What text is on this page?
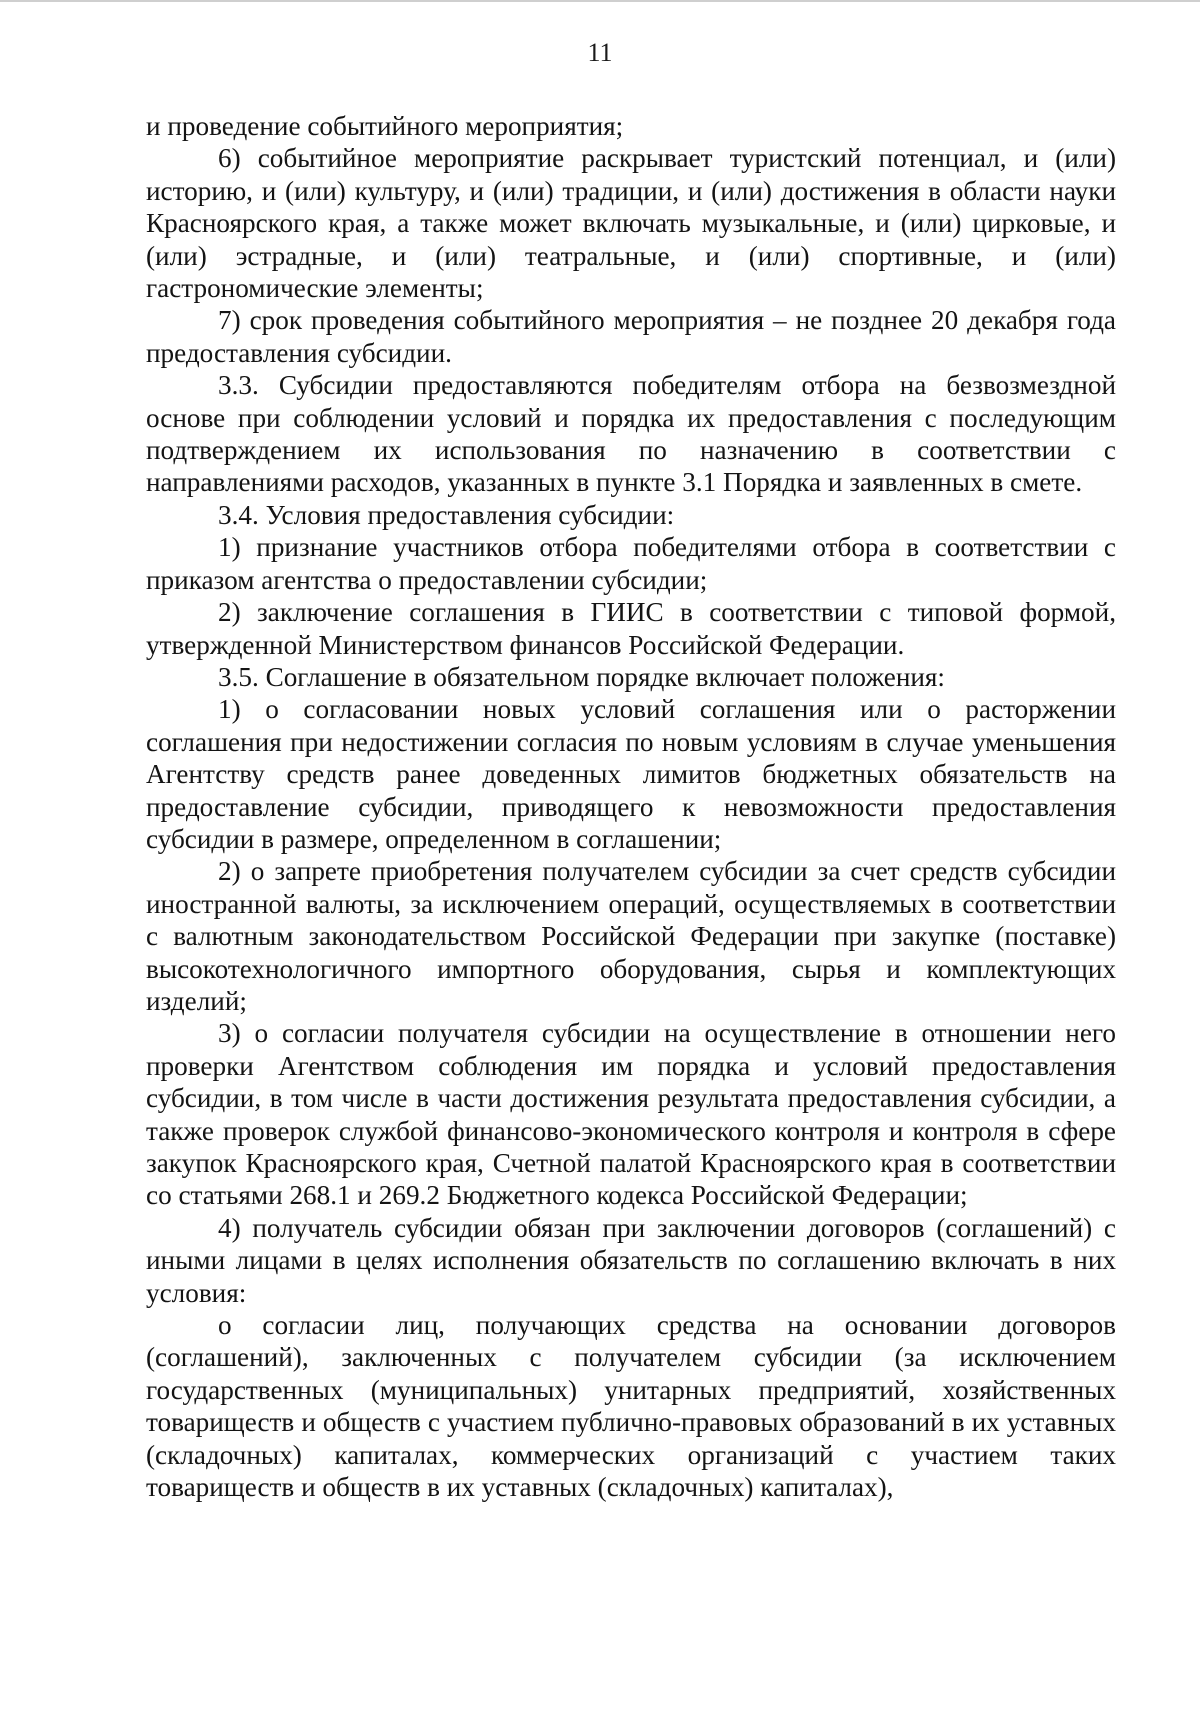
11

и проведение событийного мероприятия;

6) событийное мероприятие раскрывает туристский потенциал, и (или) историю, и (или) культуру, и (или) традиции, и (или) достижения в области науки Красноярского края, а также может включать музыкальные, и (или) цирковые, и (или) эстрадные, и (или) театральные, и (или) спортивные, и (или) гастрономические элементы;

7) срок проведения событийного мероприятия – не позднее 20 декабря года предоставления субсидии.

3.3. Субсидии предоставляются победителям отбора на безвозмездной основе при соблюдении условий и порядка их предоставления с последующим подтверждением их использования по назначению в соответствии с направлениями расходов, указанных в пункте 3.1 Порядка и заявленных в смете.

3.4. Условия предоставления субсидии:

1) признание участников отбора победителями отбора в соответствии с приказом агентства о предоставлении субсидии;

2) заключение соглашения в ГИИС в соответствии с типовой формой, утвержденной Министерством финансов Российской Федерации.

3.5. Соглашение в обязательном порядке включает положения:

1) о согласовании новых условий соглашения или о расторжении соглашения при недостижении согласия по новым условиям в случае уменьшения Агентству средств ранее доведенных лимитов бюджетных обязательств на предоставление субсидии, приводящего к невозможности предоставления субсидии в размере, определенном в соглашении;

2) о запрете приобретения получателем субсидии за счет средств субсидии иностранной валюты, за исключением операций, осуществляемых в соответствии с валютным законодательством Российской Федерации при закупке (поставке) высокотехнологичного импортного оборудования, сырья и комплектующих изделий;

3) о согласии получателя субсидии на осуществление в отношении него проверки Агентством соблюдения им порядка и условий предоставления субсидии, в том числе в части достижения результата предоставления субсидии, а также проверок службой финансово-экономического контроля и контроля в сфере закупок Красноярского края, Счетной палатой Красноярского края в соответствии со статьями 268.1 и 269.2 Бюджетного кодекса Российской Федерации;

4) получатель субсидии обязан при заключении договоров (соглашений) с иными лицами в целях исполнения обязательств по соглашению включать в них условия:

о согласии лиц, получающих средства на основании договоров (соглашений), заключенных с получателем субсидии (за исключением государственных (муниципальных) унитарных предприятий, хозяйственных товариществ и обществ с участием публично-правовых образований в их уставных (складочных) капиталах, коммерческих организаций с участием таких товариществ и обществ в их уставных (складочных) капиталах),
